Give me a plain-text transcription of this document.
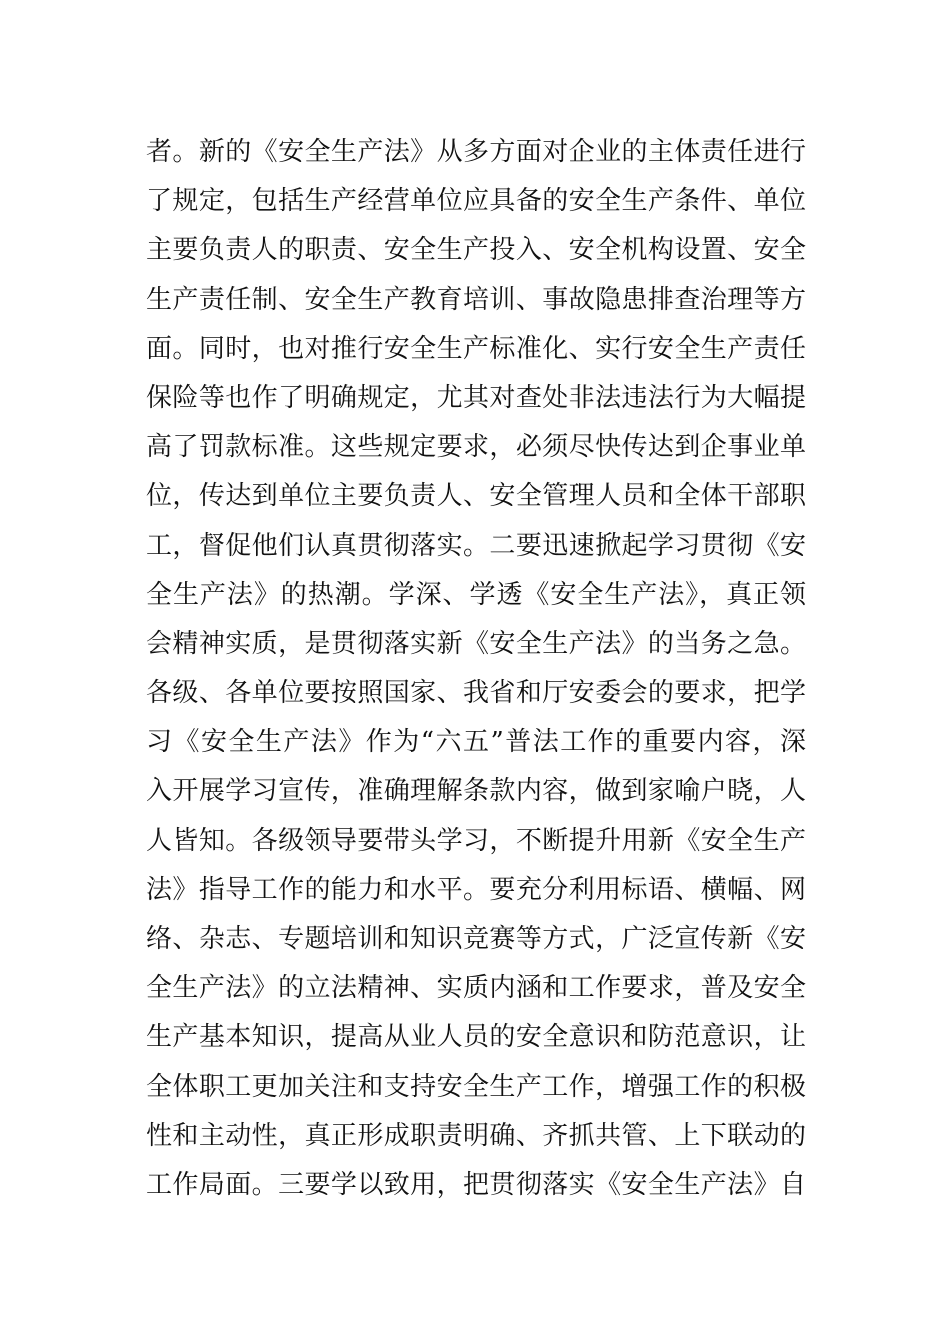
者。新的《安全生产法》从多方面对企业的主体责任进行
了规定，包括生产经营单位应具备的安全生产条件、单位
主要负责人的职责、安全生产投入、安全机构设置、安全
生产责任制、安全生产教育培训、事故隐患排查治理等方
面。同时，也对推行安全生产标准化、实行安全生产责任
保险等也作了明确规定，尤其对查处非法违法行为大幅提
高了罚款标准。这些规定要求，必须尽快传达到企事业单
位，传达到单位主要负责人、安全管理人员和全体干部职
工，督促他们认真贯彻落实。二要迅速掀起学习贯彻《安
全生产法》的热潮。学深、学透《安全生产法》，真正领
会精神实质，是贯彻落实新《安全生产法》的当务之急。
各级、各单位要按照国家、我省和厅安委会的要求，把学
习《安全生产法》作为“六五”普法工作的重要内容，深
入开展学习宣传，准确理解条款内容，做到家喻户晓，人
人皆知。各级领导要带头学习，不断提升用新《安全生产
法》指导工作的能力和水平。要充分利用标语、横幅、网
络、杂志、专题培训和知识竞赛等方式，广泛宣传新《安
全生产法》的立法精神、实质内涵和工作要求，普及安全
生产基本知识，提高从业人员的安全意识和防范意识，让
全体职工更加关注和支持安全生产工作，增强工作的积极
性和主动性，真正形成职责明确、齐抓共管、上下联动的
工作局面。三要学以致用，把贯彻落实《安全生产法》自
